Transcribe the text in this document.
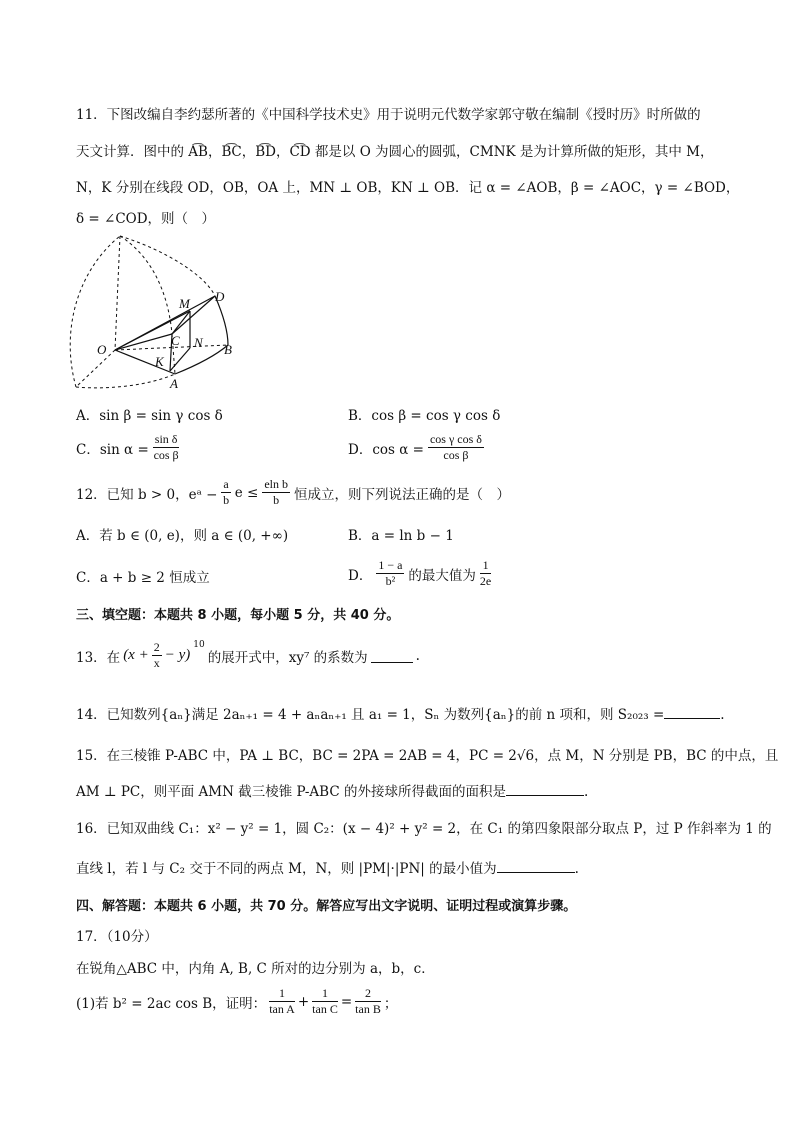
11．下图改编自李约瑟所著的《中国科学技术史》用于说明元代数学家郭守敬在编制《授时历》时所做的
天文计算．图中的 A͡B，B͡C，B͡D，C͡D 都是以 O 为圆心的圆弧，CMNK 是为计算所做的矩形，其中 M，
N，K 分别在线段 OD，OB，OA 上，MN ⊥ OB，KN ⊥ OB．记 α = ∠AOB，β = ∠AOC，γ = ∠BOD，
δ = ∠COD，则（　）
O
M D
C N B
K
A
A．sin β = sin γ cos δ	B．cos β = cos γ cos δ
C．$\sin \alpha = \frac{\text{sin δ}}{\text{cos β}}$	D．$\cos \alpha = \frac{\text{cos γ cos δ}}{\text{cos β}}$
12．已知 b > 0，eᵃ − $\frac{a}{b}$ $e \le \frac{\text{eln b}}{b}$ 恒成立，则下列说法正确的是（　）
A．若 b ∈ (0, e)，则 a ∈ (0, +∞)	B．a = ln b − 1
C．a + b ≥ 2 恒成立	D． $\frac{1 - a}{\text{b²}}$ 的最大值为 $\frac{1}{2e}$
三、填空题：本题共 8 小题，每小题 5 分，共 40 分。
13．在 $(x + \frac{2}{x} - y)$
$^{10}$
的展开式中，xy⁷ 的系数为	.
14．已知数列{aₙ}满足 2aₙ₊₁ = 4 + aₙaₙ₊₁ 且 a₁ = 1，Sₙ 为数列{aₙ}的前 n 项和，则 S₂₀₂₃ =	.
15．在三棱锥 P-ABC 中，PA ⊥ BC，BC = 2PA = 2AB = 4，PC = 2√6，点 M，N 分别是 PB，BC 的中点，且
AM ⊥ PC，则平面 AMN 截三棱锥 P-ABC 的外接球所得截面的面积是	.
16．已知双曲线 C₁：x² − y² = 1，圆 C₂：(x − 4)² + y² = 2，在 C₁ 的第四象限部分取点 P，过 P 作斜率为 1 的
直线 l，若 l 与 C₂ 交于不同的两点 M，N，则 |PM|·|PN| 的最小值为	.
四、解答题：本题共 6 小题，共 70 分。解答应写出文字说明、证明过程或演算步骤。
17．（10分）
在锐角△ABC 中，内角 A, B, C 所对的边分别为 a，b，c．
(1)若 b² = 2ac cos B，证明： $\frac{1}{\text{tan A}} + \frac{1}{\text{tan C}} = \frac{2}{\text{tan B}}$ ；
